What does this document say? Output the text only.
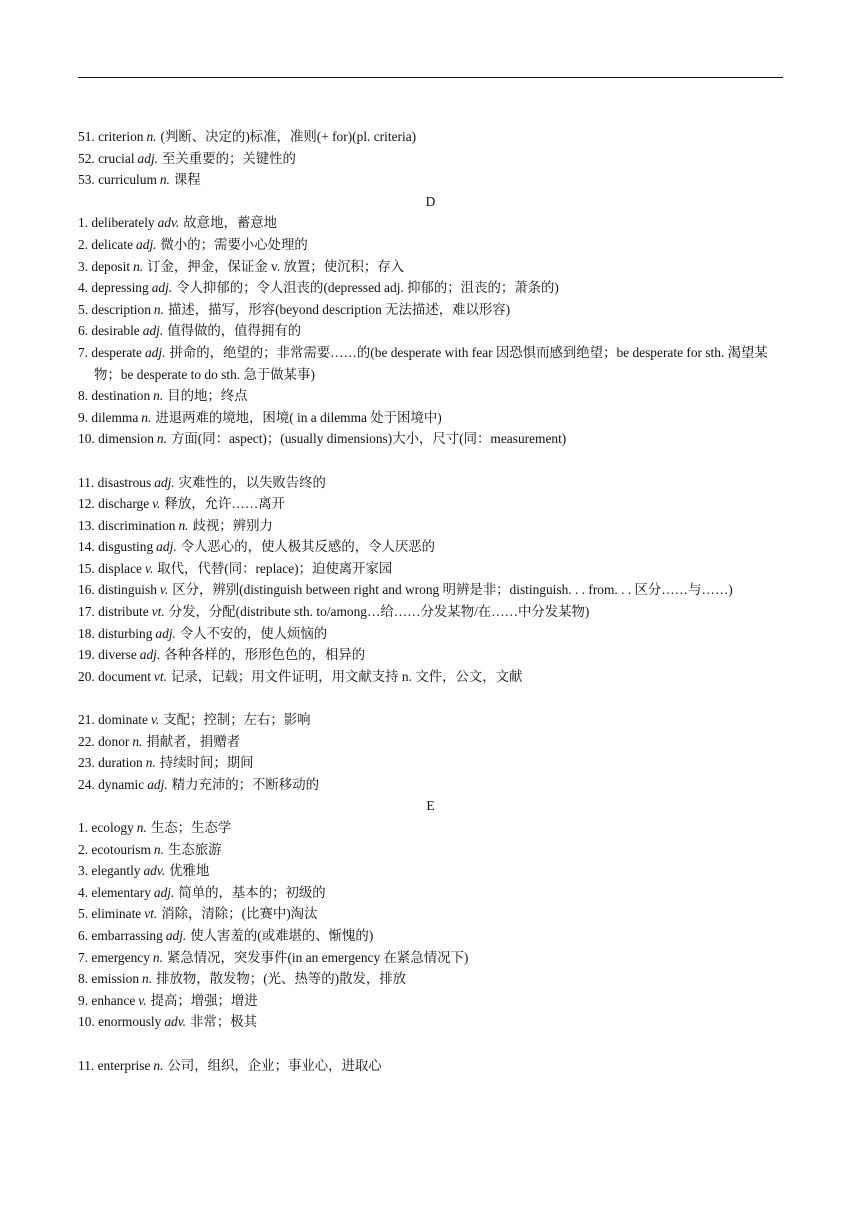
51. criterion n. (判断、决定的)标准，准则(+ for)(pl. criteria)
52. crucial adj. 至关重要的；关键性的
53. curriculum n. 课程
D
1. deliberately adv. 故意地，蓄意地
2. delicate adj. 微小的；需要小心处理的
3. deposit n. 订金，押金，保证金 v. 放置；使沉积；存入
4. depressing adj. 令人抑郁的；令人沮丧的(depressed adj. 抑郁的；沮丧的；萧条的)
5. description n. 描述，描写，形容(beyond description 无法描述，难以形容)
6. desirable adj. 值得做的，值得拥有的
7. desperate adj. 拼命的，绝望的；非常需要……的(be desperate with fear 因恐惧而感到绝望；be desperate for sth. 渴望某物；be desperate to do sth. 急于做某事)
8. destination n. 目的地；终点
9. dilemma n. 进退两难的境地，困境( in a dilemma 处于困境中)
10. dimension n. 方面(同：aspect)；(usually dimensions)大小，尺寸(同：measurement)
11. disastrous adj. 灾难性的，以失败告终的
12. discharge v. 释放，允许……离开
13. discrimination n. 歧视；辨别力
14. disgusting adj. 令人恶心的，使人极其反感的，令人厌恶的
15. displace v. 取代，代替(同：replace)；迫使离开家园
16. distinguish v. 区分，辨别(distinguish between right and wrong 明辨是非；distinguish. . . from. . . 区分……与……)
17. distribute vt. 分发，分配(distribute sth. to/among…给……分发某物/在……中分发某物)
18. disturbing adj. 令人不安的，使人烦恼的
19. diverse adj. 各种各样的，形形色色的，相异的
20. document vt. 记录，记载；用文件证明，用文献支持 n. 文件，公文，文献
21. dominate v. 支配；控制；左右；影响
22. donor n. 捐献者，捐赠者
23. duration n. 持续时间；期间
24. dynamic adj. 精力充沛的；不断移动的
E
1. ecology n. 生态；生态学
2. ecotourism n. 生态旅游
3. elegantly adv. 优雅地
4. elementary adj. 简单的，基本的；初级的
5. eliminate vt. 消除，清除；(比赛中)淘汰
6. embarrassing adj. 使人害羞的(或难堪的、惭愧的)
7. emergency n. 紧急情况，突发事件(in an emergency 在紧急情况下)
8. emission n. 排放物，散发物；(光、热等的)散发，排放
9. enhance v. 提高；增强；增进
10. enormously adv. 非常；极其
11. enterprise n. 公司，组织，企业；事业心，进取心
